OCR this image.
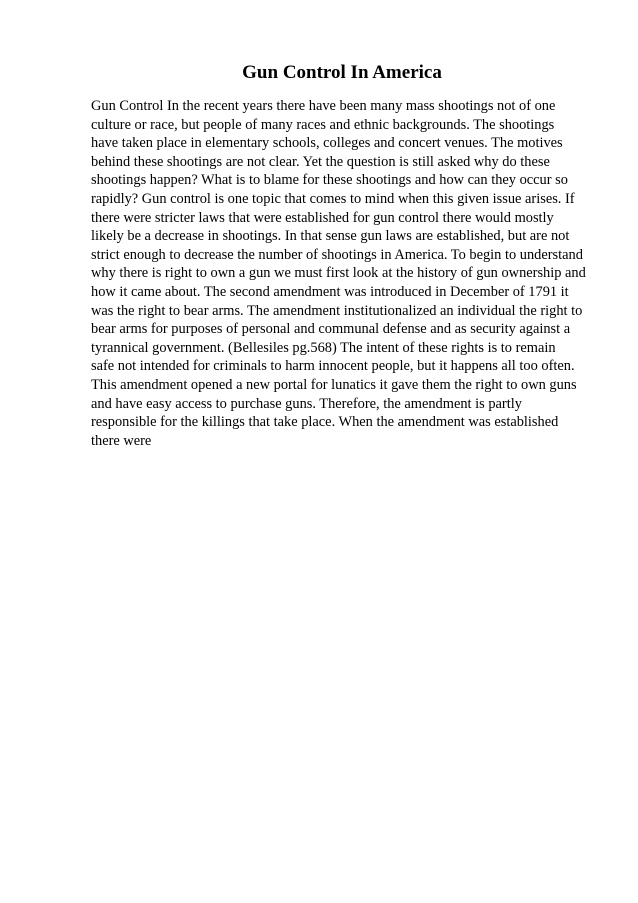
Gun Control In America
Gun Control In the recent years there have been many mass shootings not of one
culture or race, but people of many races and ethnic backgrounds. The shootings
have taken place in elementary schools, colleges and concert venues. The motives
behind these shootings are not clear. Yet the question is still asked why do these
shootings happen? What is to blame for these shootings and how can they occur so
rapidly? Gun control is one topic that comes to mind when this given issue arises. If
there were stricter laws that were established for gun control there would mostly
likely be a decrease in shootings. In that sense gun laws are established, but are not
strict enough to decrease the number of shootings in America. To begin to understand
why there is right to own a gun we must first look at the history of gun ownership and
how it came about. The second amendment was introduced in December of 1791 it
was the right to bear arms. The amendment institutionalized an individual the right to
bear arms for purposes of personal and communal defense and as security against a
tyrannical government. (Bellesiles pg.568) The intent of these rights is to remain
safe not intended for criminals to harm innocent people, but it happens all too often.
This amendment opened a new portal for lunatics it gave them the right to own guns
and have easy access to purchase guns. Therefore, the amendment is partly
responsible for the killings that take place. When the amendment was established
there were
